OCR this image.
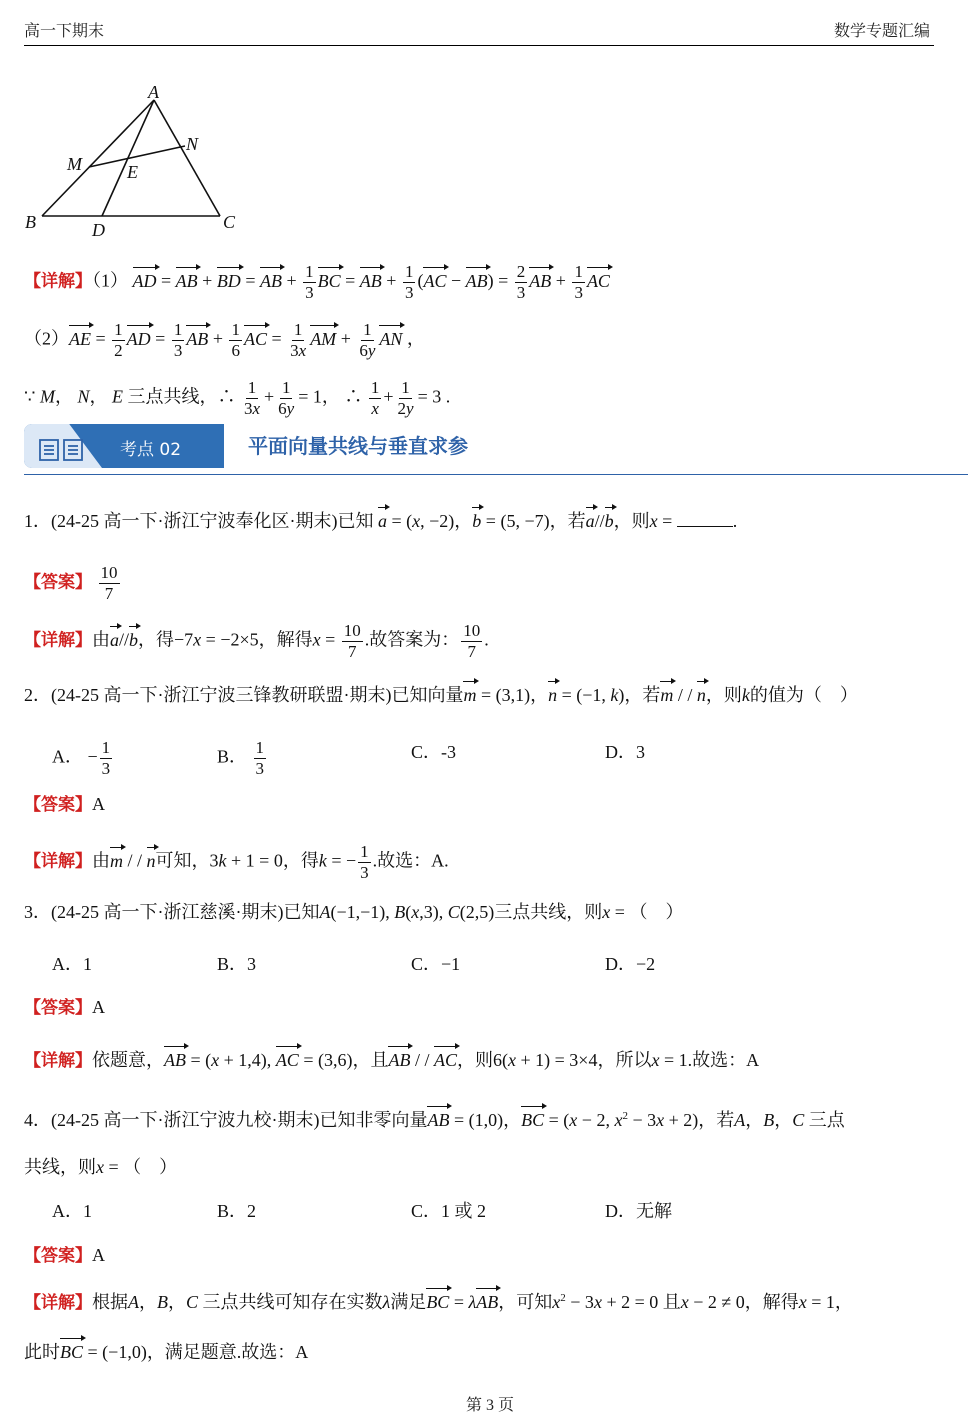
高一下期末	数学专题汇编
A
B	C
D
E
M
N
【详解】（1） AD = AB + BD = AB + $\frac{1}{3}$ BC = AB + $\frac{1}{3} (AC - AB) = \frac{2}{3}$ AB + $\frac{1}{3}$ AC
$(2)AE = \frac{1}{2}$ AD = $\frac{1}{3}$ AB + $\frac{1}{6}$ AC = $\frac{1}{3x}$ AM + $\frac{1}{6y}$ AN ，
∵ M， N， E 三点共线，∴ $\frac{1}{3x} + \frac{1}{6y} = 1$， ∴ $\frac{1}{x} + \frac{1}{2y} = 3$ .
考点 02	平面向量共线与垂直求参
1．(24-25 高一下·浙江宁波奉化区·期末)已知 a = (x, −2)，b = (5, −7)，若a//b，则x =	.
【答案】 $\frac{10}{7}$
【详解】由a//b，得−7x = −2×5，解得$x = \frac{10}{7}$ .故答案为： $\frac{10}{7}$ .
2．(24-25 高一下·浙江宁波三锋教研联盟·期末)已知向量m = (3,1)，n = (−1, k)，若m / / n，则k的值为（　）
A． − $\frac{1}{3}$	B． $\frac{1}{3}$	C．-3	D．3
【答案】A
【详解】由m / / n可知，3k + 1 = 0，得k = − $\frac{1}{3}$ .故选：A.
3．(24-25 高一下·浙江慈溪·期末)已知A(−1,−1), B(x,3), C(2,5)三点共线，则x = （　）
A．1	B．3	C．−1	D．−2
【答案】A
【详解】依题意，AB = (x + 1,4), AC = (3,6)，且AB / / AC，则6(x + 1) = 3×4，所以x = 1.故选：A
4．(24-25 高一下·浙江宁波九校·期末)已知非零向量AB = (1,0)，BC = (x − 2, $x^2 - 3x + 2$)，若A，B，C 三点
共线，则x = （　）
A．1	B．2	C．1 或 2	D．无解
【答案】A
【详解】根据A，B，C 三点共线可知存在实数λ满足BC = λAB，可知$x^2 - 3x + 2 = 0$ 且x − 2 ≠ 0，解得x = 1，
此时BC = (−1,0)，满足题意.故选：A
第 3 页
